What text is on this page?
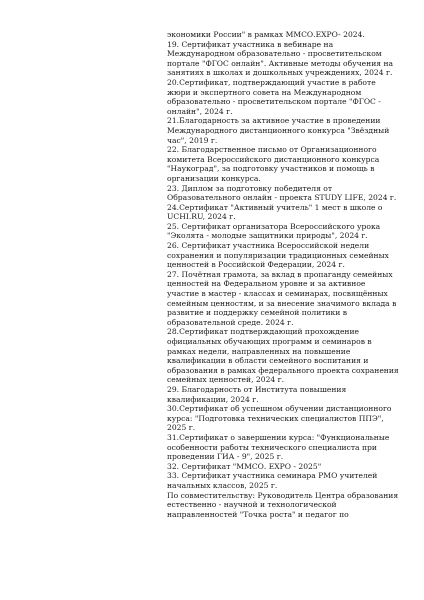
экономики России" в рамках ММСО.EXPO- 2024.

19. Сертификат участника в вебинаре на Международном образовательно - просветительском портале "ФГОС онлайн". Активные методы обучения на занятиях в школах и дошкольных учреждениях, 2024 г.

20.Сертификат, подтверждающий участие в работе жюри и экспертного совета на Международном образовательно - просветительском портале "ФГОС - онлайн", 2024 г.

21.Благодарность за активное участие в проведении Международного дистанционного конкурса "Звёздный час", 2019 г.

22. Благодарственное письмо от Организационного комитета Всероссийского дистанционного конкурса "Наукоград", за подготовку участников и помощь в организации конкурса.

23. Диплом за подготовку победителя от Образовательного онлайн - проекта STUDY LIFE, 2024 г.

24.Сертификат "Активный учитель" 1 мест в школе о UCHI.RU, 2024 г.

25. Сертификат организатора Всероссийского урока "Эколята - молодые защитники природы", 2024 г.

26. Сертификат участника Всероссийской недели сохранения и популяризации традиционных семейных ценностей в Российской Федерации, 2024 г.

27. Почётная грамота, за вклад в пропаганду семейных ценностей на Федеральном уровне и за активное участие в мастер - классах и семинарах, посвящённых семейным ценностям, и за внесение значимого вклада в развитие и поддержку семейной политики в образовательной среде. 2024 г.

28.Сертификат подтверждающий прохождение официальных обучающих программ и семинаров в рамках недели, направленных на повышение квалификации в области семейного воспитания и образования в рамках федерального проекта сохранения семейных ценностей, 2024 г.

29. Благодарность от Института повышения квалификации, 2024 г.

30.Сертификат об успешном обучении дистанционного курса: "Подготовка технических специалистов ППЭ", 2025 г.

31.Сертификат о завершении курса: "Функциональные особенности работы технического специалиста при проведении ГИА - 9", 2025 г.

32. Сертификат "ММСО. EXPO - 2025"

33. Сертификат участника семинара РМО учителей начальных классов, 2025 г.

По совместительству: Руководитель Центра образования естественно - научной и технологической направленностей "Точка роста" и педагог по
